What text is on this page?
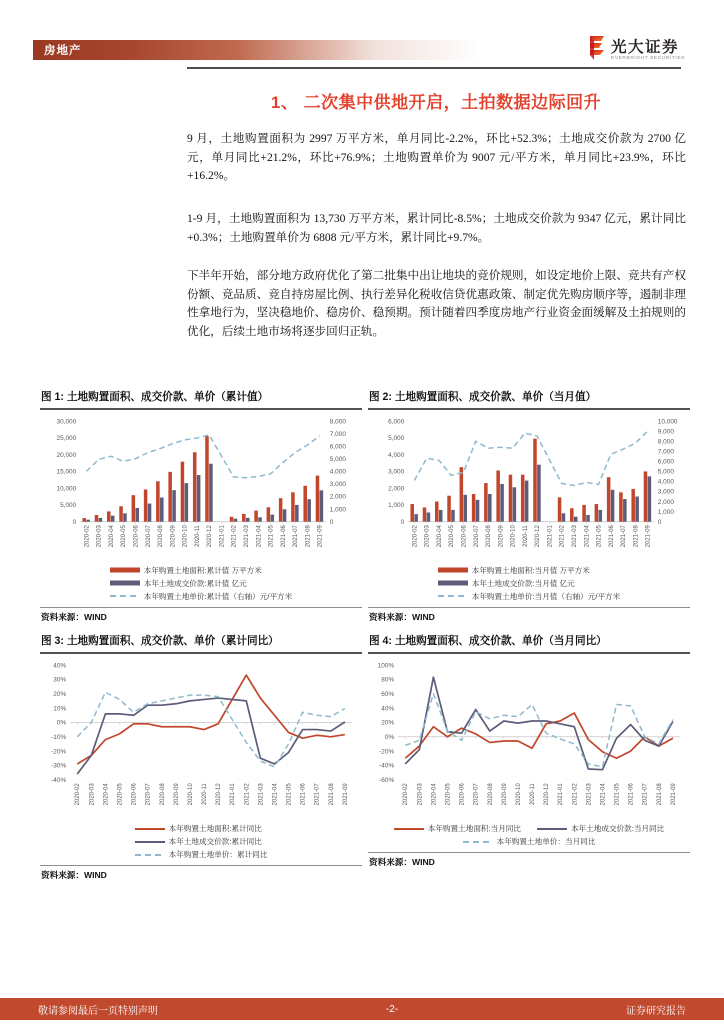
房地产	光大证券
EVERBRIGHT SECURITIES
1、 二次集中供地开启，土拍数据边际回升
9 月，土地购置面积为 2997 万平方米，单月同比-2.2%，环比+52.3%；土地成交价款为 2700 亿元，单月同比+21.2%，环比+76.9%；土地购置单价为 9007 元/平方米，单月同比+23.9%，环比+16.2%。
1-9 月，土地购置面积为 13,730 万平方米，累计同比-8.5%；土地成交价款为 9347 亿元，累计同比+0.3%；土地购置单价为 6808 元/平方米，累计同比+9.7%。
下半年开始，部分地方政府优化了第二批集中出让地块的竞价规则，如设定地价上限、竞共有产权份额、竞品质、竞自持房屋比例、执行差异化税收信贷优惠政策、制定优先购房顺序等，遏制非理性拿地行为，坚决稳地价、稳房价、稳预期。预计随着四季度房地产行业资金面缓解及土拍规则的优化，后续土地市场将逐步回归正轨。
图 1: 土地购置面积、成交价款、单价（累计值）
0
5,000
10,000
15,000
20,000
25,000
30,000
0
1,000
2,000
3,000
4,000
5,000
6,000
7,000
8,000
2020-02 2020-03 2020-04 2020-05 2020-06 2020-07 2020-08 2020-09 2020-10 2020-11 2020-12 2021-01 2021-02 2021-03 2021-04 2021-05 2021-06 2021-07 2021-08 2021-09
本年购置土地面积:累计值 万平方米
本年土地成交价款:累计值 亿元
本年购置土地单价:累计值（右轴）元/平方米
资料来源：WIND
图 2: 土地购置面积、成交价款、单价（当月值）
0
1,000
2,000
3,000
4,000
5,000
6,000
0
1,000
2,000
3,000
4,000
5,000
6,000
7,000
8,000
9,000
10,000
2020-02 2020-03 2020-04 2020-05 2020-06 2020-07 2020-08 2020-09 2020-10 2020-11 2020-12 2021-01 2021-02 2021-03 2021-04 2021-05 2021-06 2021-07 2021-08 2021-09
本年购置土地面积:当月值 万平方米
本年土地成交价款:当月值 亿元
本年购置土地单价:当月值（右轴）元/平方米
资料来源：WIND
图 3: 土地购置面积、成交价款、单价（累计同比）
-40%
-30%
-20%
-10%
0%
10%
20%
30%
40%
2020-02 2020-03 2020-04 2020-05 2020-06 2020-07 2020-08 2020-09 2020-10 2020-11 2020-12 2021-01 2021-02 2021-03 2021-04 2021-05 2021-06 2021-07 2021-08 2021-09
本年购置土地面积:累计同比
本年土地成交价款:累计同比
本年购置土地单价：累计同比
资料来源：WIND
图 4: 土地购置面积、成交价款、单价（当月同比）
-60%
-40%
-20%
0%
20%
40%
60%
80%
100%
2020-02 2020-03 2020-04 2020-05 2020-06 2020-07 2020-08 2020-09 2020-10 2020-11 2020-12 2021-01 2021-02 2021-03 2021-04 2021-05 2021-06 2021-07 2021-08 2021-09
本年购置土地面积:当月同比	本年土地成交价款:当月同比
本年购置土地单价：当月同比
资料来源：WIND
敬请参阅最后一页特别声明	-2-	证券研究报告
